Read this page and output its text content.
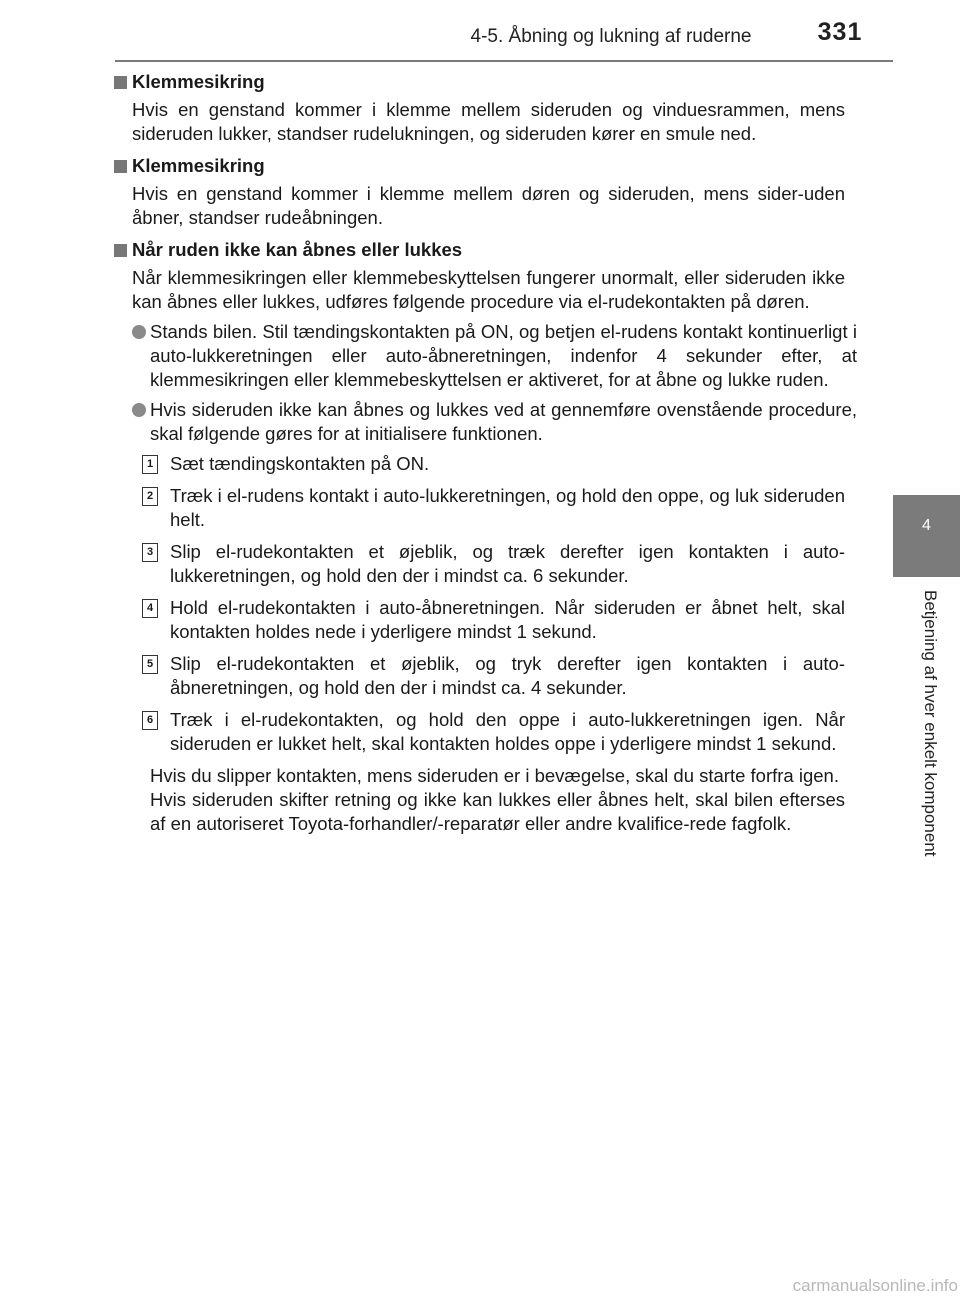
4-5. Åbning og lukning af ruderne	331
4
Betjening af hver enkelt komponent

Klemmesikring

Hvis en genstand kommer i klemme mellem sideruden og vinduesrammen, mens sideruden lukker, standser rudelukningen, og sideruden kører en smule ned.

Klemmesikring

Hvis en genstand kommer i klemme mellem døren og sideruden, mens sider-uden åbner, standser rudeåbningen.

Når ruden ikke kan åbnes eller lukkes

Når klemmesikringen eller klemmebeskyttelsen fungerer unormalt, eller sideruden ikke kan åbnes eller lukkes, udføres følgende procedure via el-rudekontakten på døren.

Stands bilen. Stil tændingskontakten på ON, og betjen el-rudens kontakt kontinuerligt i auto-lukkeretningen eller auto-åbneretningen, indenfor 4 sekunder efter, at klemmesikringen eller klemmebeskyttelsen er aktiveret, for at åbne og lukke ruden.

Hvis sideruden ikke kan åbnes og lukkes ved at gennemføre ovenstående procedure, skal følgende gøres for at initialisere funktionen.

1 Sæt tændingskontakten på ON.

2 Træk i el-rudens kontakt i auto-lukkeretningen, og hold den oppe, og luk sideruden helt.

3 Slip el-rudekontakten et øjeblik, og træk derefter igen kontakten i auto-lukkeretningen, og hold den der i mindst ca. 6 sekunder.

4 Hold el-rudekontakten i auto-åbneretningen. Når sideruden er åbnet helt, skal kontakten holdes nede i yderligere mindst 1 sekund.

5 Slip el-rudekontakten et øjeblik, og tryk derefter igen kontakten i auto-åbneretningen, og hold den der i mindst ca. 4 sekunder.

6 Træk i el-rudekontakten, og hold den oppe i auto-lukkeretningen igen. Når sideruden er lukket helt, skal kontakten holdes oppe i yderligere mindst 1 sekund.

Hvis du slipper kontakten, mens sideruden er i bevægelse, skal du starte forfra igen.

Hvis sideruden skifter retning og ikke kan lukkes eller åbnes helt, skal bilen efterses af en autoriseret Toyota-forhandler/-reparatør eller andre kvalifice-rede fagfolk.

carmanualsonline.info
